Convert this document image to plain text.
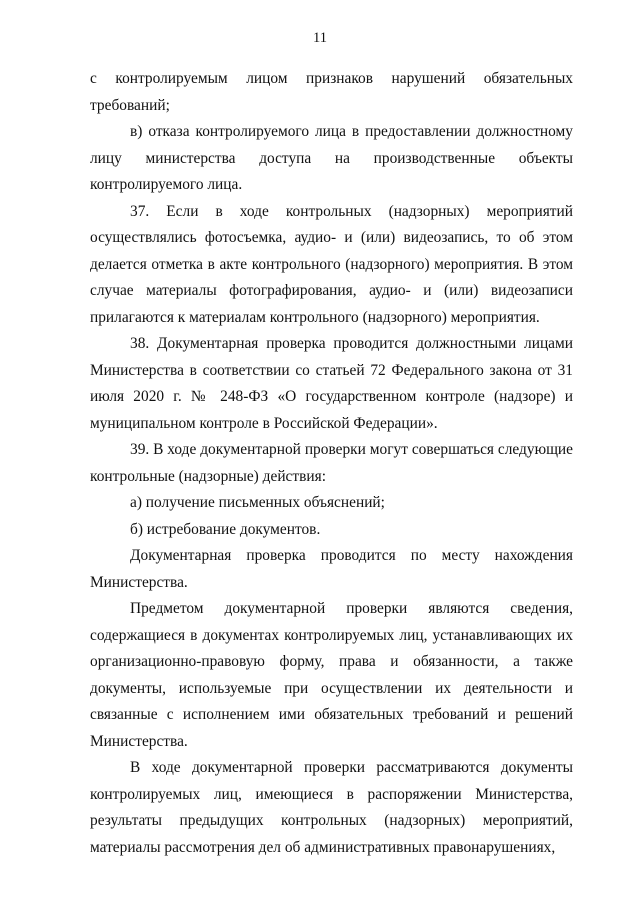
11

с контролируемым лицом признаков нарушений обязательных требований;

в) отказа контролируемого лица в предоставлении должностному лицу министерства доступа на производственные объекты контролируемого лица.

37. Если в ходе контрольных (надзорных) мероприятий осуществлялись фотосъемка, аудио- и (или) видеозапись, то об этом делается отметка в акте контрольного (надзорного) мероприятия. В этом случае материалы фотографирования, аудио- и (или) видеозаписи прилагаются к материалам контрольного (надзорного) мероприятия.

38. Документарная проверка проводится должностными лицами Министерства в соответствии со статьей 72 Федерального закона от 31 июля 2020 г. № 248-ФЗ «О государственном контроле (надзоре) и муниципальном контроле в Российской Федерации».

39. В ходе документарной проверки могут совершаться следующие контрольные (надзорные) действия:

а) получение письменных объяснений;

б) истребование документов.

Документарная проверка проводится по месту нахождения Министерства.

Предметом документарной проверки являются сведения, содержащиеся в документах контролируемых лиц, устанавливающих их организационно-правовую форму, права и обязанности, а также документы, используемые при осуществлении их деятельности и связанные с исполнением ими обязательных требований и решений Министерства.

В ходе документарной проверки рассматриваются документы контролируемых лиц, имеющиеся в распоряжении Министерства, результаты предыдущих контрольных (надзорных) мероприятий, материалы рассмотрения дел об административных правонарушениях,
